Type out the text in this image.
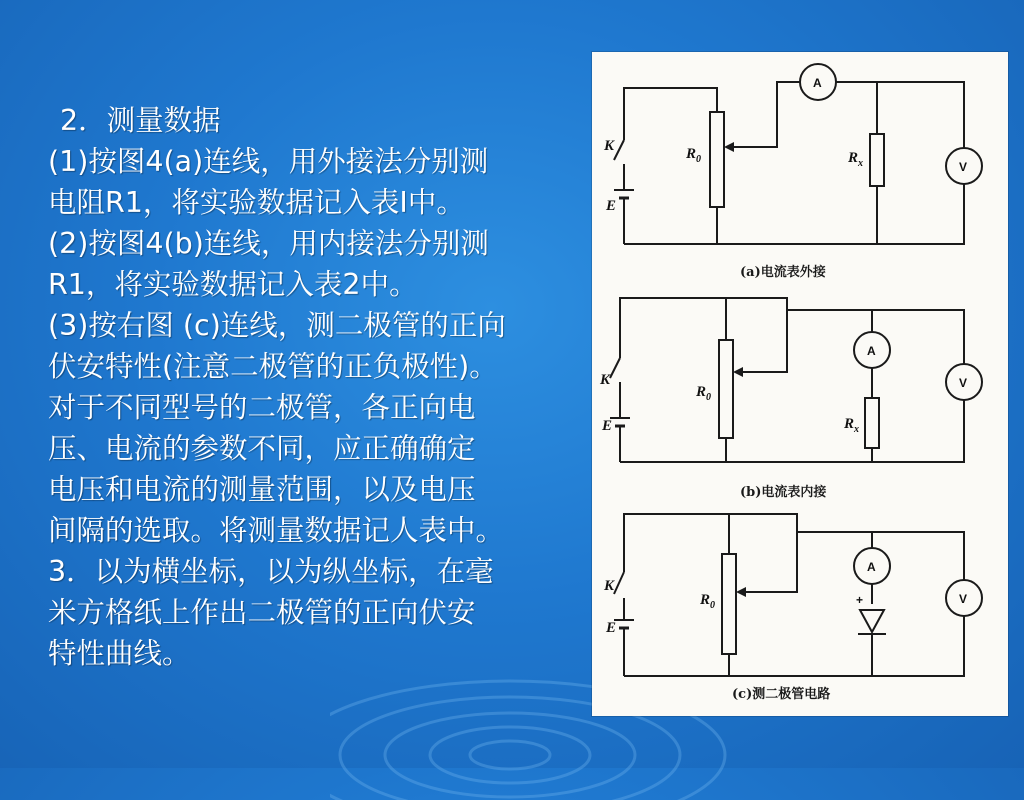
2．测量数据

(1)按图4(a)连线，用外接法分别测

电阻R1，将实验数据记入表I中。

(2)按图4(b)连线，用内接法分别测

R1，将实验数据记入表2中。

(3)按右图 (c)连线，测二极管的正向

伏安特性(注意二极管的正负极性)。

对于不同型号的二极管，各正向电

压、电流的参数不同，应正确确定

电压和电流的测量范围，以及电压

间隔的选取。将测量数据记人表中。

3．以为横坐标，以为纵坐标，在毫

米方格纸上作出二极管的正向伏安

特性曲线。

K
E
$R_0$	$R_x$
A
V
(a)电流表外接
K
E
$R_0$
$R_x$
A
V
(b)电流表内接
K
E
$R_0$
A
V
+
(c)测二极管电路
